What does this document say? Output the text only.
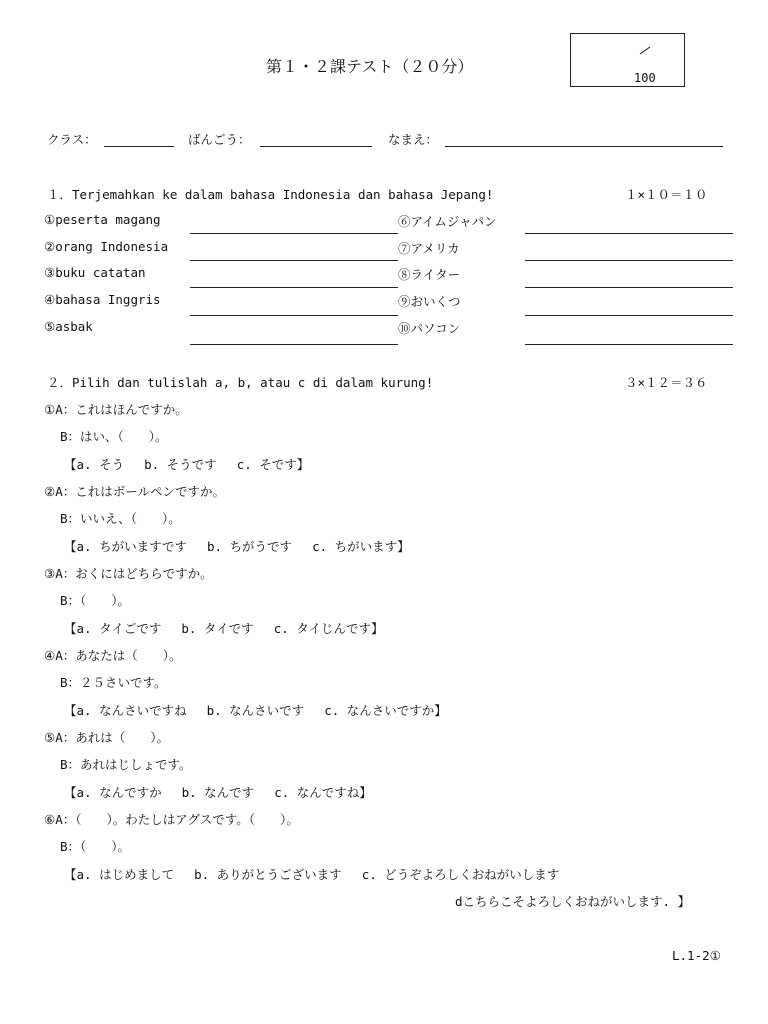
第１・２課テスト（２０分）
100
クラス：	ばんごう：	なまえ：
１．Terjemahkan ke dalam bahasa Indonesia dan bahasa Jepang!	１×１０＝１０
①peserta magang
②orang Indonesia
③buku catatan
④bahasa Inggris
⑤asbak
⑥アイムジャパン
⑦アメリカ
⑧ライター
⑨おいくつ
⑩パソコン
２．Pilih dan tulislah a, b, atau c di dalam kurung!	３×１２＝３６
①A：これはほんですか。
B：はい、（　　）。
【a. そう　 b. そうです　 c. そです】
②A：これはボールペンですか。
B：いいえ、（　　）。
【a. ちがいますです　 b. ちがうです　 c. ちがいます】
③A：おくにはどちらですか。
B：（　　）。
【a. タイごです　 b. タイです　 c. タイじんです】
④A：あなたは（　　）。
B：２５さいです。
【a. なんさいですね　 b. なんさいです　 c. なんさいですか】
⑤A：あれは（　　）。
B：あれはじしょです。
【a. なんですか　 b. なんです　 c. なんですね】
⑥A：（　　）。わたしはアグスです。（　　）。
B：（　　）。
【a. はじめまして　 b. ありがとうございます　 c. どうぞよろしくおねがいします
dこちらこそよろしくおねがいします. 】
L.1-2①
